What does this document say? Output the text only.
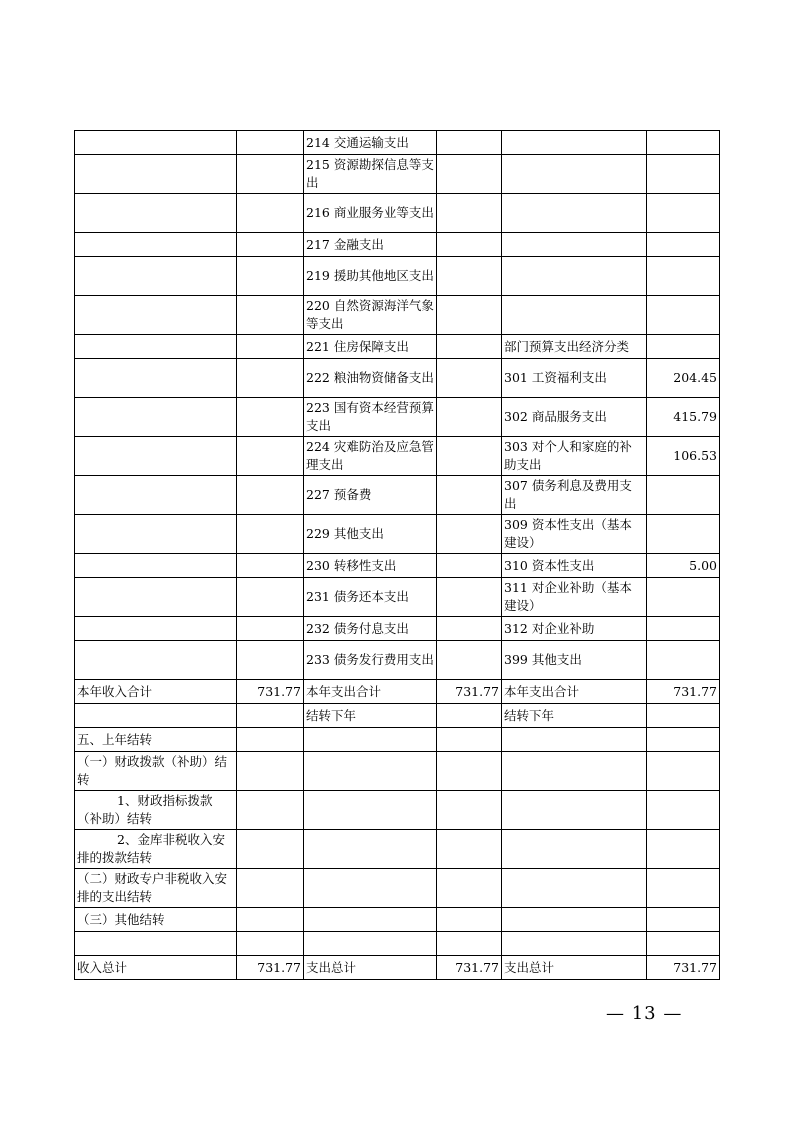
		214 交通运输支出			
		215 资源勘探信息等支出			
		216 商业服务业等支出			
		217 金融支出			
		219 援助其他地区支出			
		220 自然资源海洋气象等支出			
		221 住房保障支出		部门预算支出经济分类	
		222 粮油物资储备支出		301 工资福利支出	204.45
		223 国有资本经营预算支出		302 商品服务支出	415.79
		224 灾难防治及应急管理支出		303 对个人和家庭的补助支出	106.53
		227 预备费		307 债务利息及费用支出	
		229 其他支出		309 资本性支出（基本建设）	
		230 转移性支出		310 资本性支出	5.00
		231 债务还本支出		311 对企业补助（基本建设）	
		232 债务付息支出		312 对企业补助	
		233 债务发行费用支出		399 其他支出	
本年收入合计	731.77	本年支出合计	731.77	本年支出合计	731.77
		结转下年		结转下年	
五、上年结转					
（一）财政拨款（补助）结转					
1、财政指标拨款（补助）结转					
2、金库非税收入安排的拨款结转					
（二）财政专户非税收入安排的支出结转					
（三）其他结转					

收入总计	731.77	支出总计	731.77	支出总计	731.77
— 13 —
